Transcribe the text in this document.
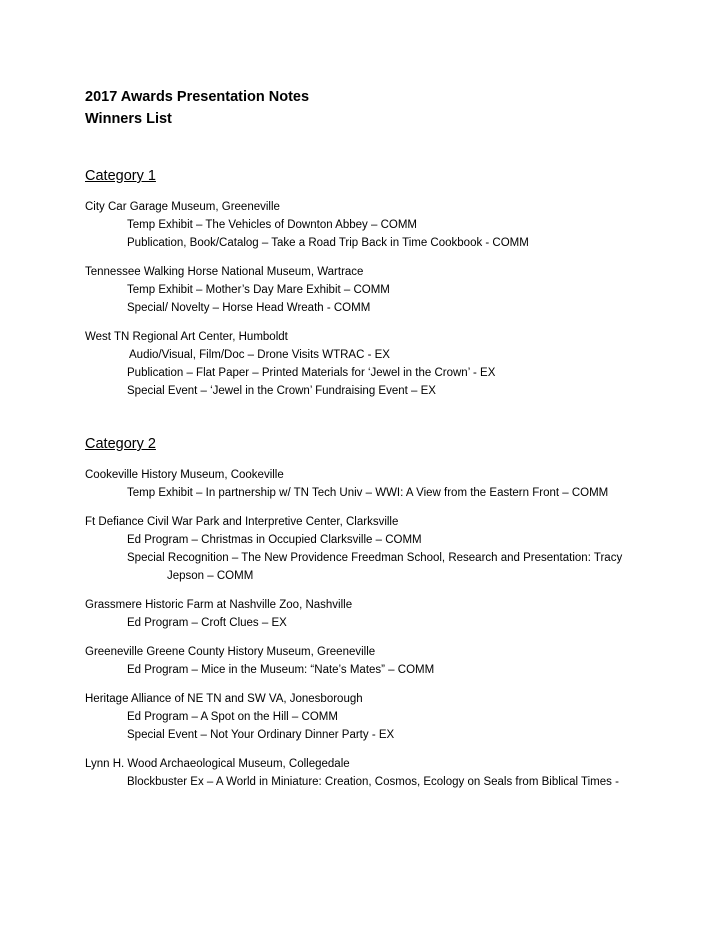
2017 Awards Presentation Notes

Winners List

Category 1

City Car Garage Museum, Greeneville

Temp Exhibit – The Vehicles of Downton Abbey – COMM

Publication, Book/Catalog – Take a Road Trip Back in Time Cookbook - COMM

Tennessee Walking Horse National Museum, Wartrace

Temp Exhibit – Mother’s Day Mare Exhibit – COMM

Special/ Novelty – Horse Head Wreath - COMM

West TN Regional Art Center, Humboldt

Audio/Visual, Film/Doc – Drone Visits WTRAC - EX

Publication – Flat Paper – Printed Materials for ‘Jewel in the Crown’ - EX

Special Event – ‘Jewel in the Crown’ Fundraising Event – EX

Category 2

Cookeville History Museum, Cookeville

Temp Exhibit – In partnership w/ TN Tech Univ – WWI: A View from the Eastern Front – COMM

Ft Defiance Civil War Park and Interpretive Center, Clarksville

Ed Program – Christmas in Occupied Clarksville – COMM

Special Recognition – The New Providence Freedman School, Research and Presentation: Tracy

Jepson – COMM

Grassmere Historic Farm at Nashville Zoo, Nashville

Ed Program – Croft Clues – EX

Greeneville Greene County History Museum, Greeneville

Ed Program – Mice in the Museum: “Nate’s Mates” – COMM

Heritage Alliance of NE TN and SW VA, Jonesborough

Ed Program – A Spot on the Hill – COMM

Special Event – Not Your Ordinary Dinner Party - EX

Lynn H. Wood Archaeological Museum, Collegedale

Blockbuster Ex – A World in Miniature: Creation, Cosmos, Ecology on Seals from Biblical Times -
